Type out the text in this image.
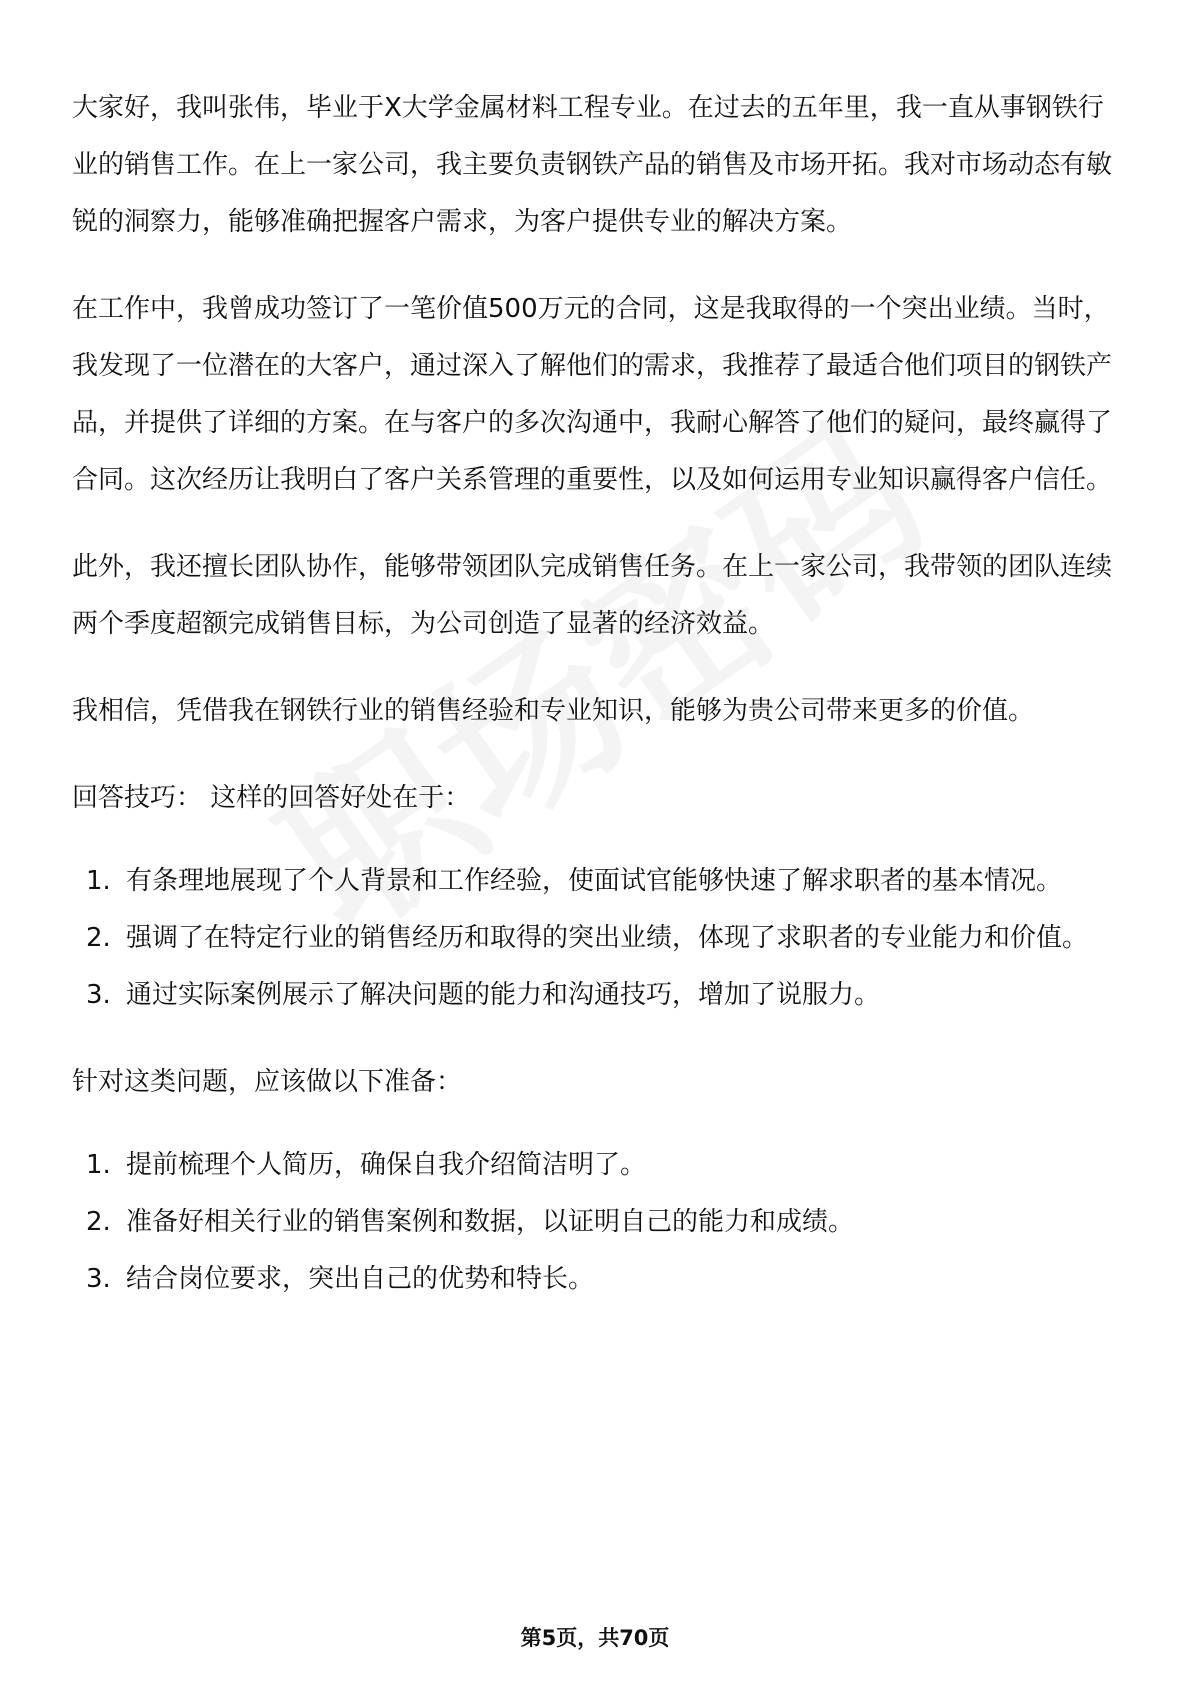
大家好，我叫张伟，毕业于X大学金属材料工程专业。在过去的五年里，我一直从事钢铁行业的销售工作。在上一家公司，我主要负责钢铁产品的销售及市场开拓。我对市场动态有敏锐的洞察力，能够准确把握客户需求，为客户提供专业的解决方案。

在工作中，我曾成功签订了一笔价值500万元的合同，这是我取得的一个突出业绩。当时，我发现了一位潜在的大客户，通过深入了解他们的需求，我推荐了最适合他们项目的钢铁产品，并提供了详细的方案。在与客户的多次沟通中，我耐心解答了他们的疑问，最终赢得了合同。这次经历让我明白了客户关系管理的重要性，以及如何运用专业知识赢得客户信任。

此外，我还擅长团队协作，能够带领团队完成销售任务。在上一家公司，我带领的团队连续两个季度超额完成销售目标，为公司创造了显著的经济效益。

我相信，凭借我在钢铁行业的销售经验和专业知识，能够为贵公司带来更多的价值。

回答技巧： 这样的回答好处在于：

1. 有条理地展现了个人背景和工作经验，使面试官能够快速了解求职者的基本情况。
2. 强调了在特定行业的销售经历和取得的突出业绩，体现了求职者的专业能力和价值。
3. 通过实际案例展示了解决问题的能力和沟通技巧，增加了说服力。

针对这类问题，应该做以下准备：

1. 提前梳理个人简历，确保自我介绍简洁明了。
2. 准备好相关行业的销售案例和数据，以证明自己的能力和成绩。
3. 结合岗位要求，突出自己的优势和特长。
第5页，共70页
